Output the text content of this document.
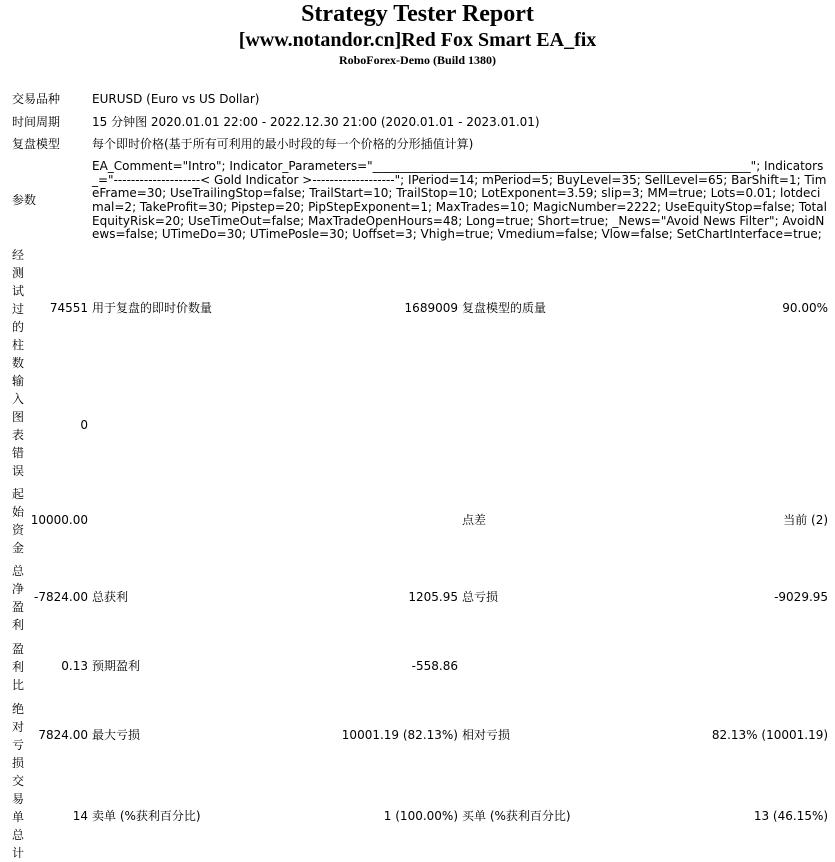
Strategy Tester Report
[www.notandor.cn]Red Fox Smart EA_fix
RoboForex-Demo (Build 1380)
交易品种	EURUSD (Euro vs US Dollar)			
时间周期	15 分钟图 2020.01.01 22:00 - 2022.12.30 21:00 (2020.01.01 - 2023.01.01)			
复盘模型	每个即时价格(基于所有可利用的最小时段的每一个价格的分形插值计算)			
参数	EA_Comment="Intro"; Indicator_Parameters="_______________________________________________________________"; Indicators_="--------------------< Gold Indicator >-------------------"; IPeriod=14; mPeriod=5; BuyLevel=35; SellLevel=65; BarShift=1; TimeFrame=30; UseTrailingStop=false; TrailStart=10; TrailStop=10; LotExponent=3.59; slip=3; MM=true; Lots=0.01; lotdecimal=2; TakeProfit=30; Pipstep=20; PipStepExponent=1; MaxTrades=10; MagicNumber=2222; UseEquityStop=false; TotalEquityRisk=20; UseTimeOut=false; MaxTradeOpenHours=48; Long=true; Short=true; _News="Avoid News Filter"; AvoidNews=false; UTimeDo=30; UTimePosle=30; Uoffset=3; Vhigh=true; Vmedium=false; Vlow=false; SetChartInterface=true;			

经测试过的柱数
74551	用于复盘的即时价数量	1689009	复盘模型的质量	90.00%

输入图表错误
0				

起始资金
10000.00			点差	当前 (2)

总净盈利
-7824.00	总获利	1205.95	总亏损	-9029.95

盈利比
0.13	预期盈利	-558.86		

绝对亏损
7824.00	最大亏损	10001.19 (82.13%)	相对亏损	82.13% (10001.19)

交易单总计
14	卖单 (%获利百分比)	1 (100.00%)	买单 (%获利百分比)	13 (46.15%)
